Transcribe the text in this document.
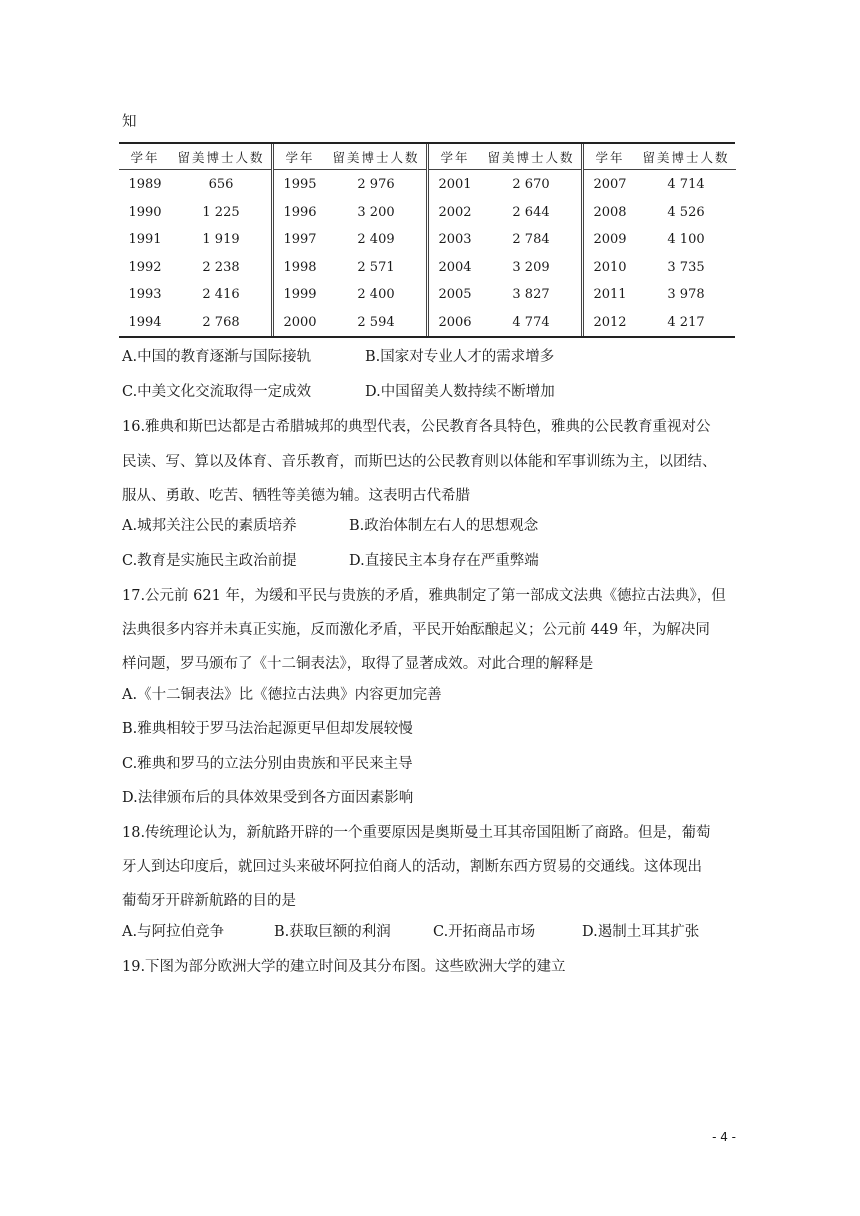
知
学年	留美博士人数
1989	656
1990	1 225
1991	1 919
1992	2 238
1993	2 416
1994	2 768
学年	留美博士人数
1995	2 976
1996	3 200
1997	2 409
1998	2 571
1999	2 400
2000	2 594
学年	留美博士人数
2001	2 670
2002	2 644
2003	2 784
2004	3 209
2005	3 827
2006	4 774
学年	留美博士人数
2007	4 714
2008	4 526
2009	4 100
2010	3 735
2011	3 978
2012	4 217
A.中国的教育逐渐与国际接轨	B.国家对专业人才的需求增多
C.中美文化交流取得一定成效	D.中国留美人数持续不断增加
16.雅典和斯巴达都是古希腊城邦的典型代表，公民教育各具特色，雅典的公民教育重视对公
民读、写、算以及体育、音乐教育，而斯巴达的公民教育则以体能和军事训练为主，以团结、
服从、勇敢、吃苦、牺牲等美德为辅。这表明古代希腊
A.城邦关注公民的素质培养	B.政治体制左右人的思想观念
C.教育是实施民主政治前提	D.直接民主本身存在严重弊端
17.公元前 621 年，为缓和平民与贵族的矛盾，雅典制定了第一部成文法典《德拉古法典》，但
法典很多内容并未真正实施，反而激化矛盾，平民开始酝酿起义；公元前 449 年，为解决同
样问题，罗马颁布了《十二铜表法》，取得了显著成效。对此合理的解释是
A.《十二铜表法》比《德拉古法典》内容更加完善
B.雅典相较于罗马法治起源更早但却发展较慢
C.雅典和罗马的立法分别由贵族和平民来主导
D.法律颁布后的具体效果受到各方面因素影响
18.传统理论认为，新航路开辟的一个重要原因是奥斯曼土耳其帝国阻断了商路。但是，葡萄
牙人到达印度后，就回过头来破坏阿拉伯商人的活动，割断东西方贸易的交通线。这体现出
葡萄牙开辟新航路的目的是
A.与阿拉伯竞争	B.获取巨额的利润	C.开拓商品市场	D.遏制土耳其扩张
19.下图为部分欧洲大学的建立时间及其分布图。这些欧洲大学的建立
- 4 -
